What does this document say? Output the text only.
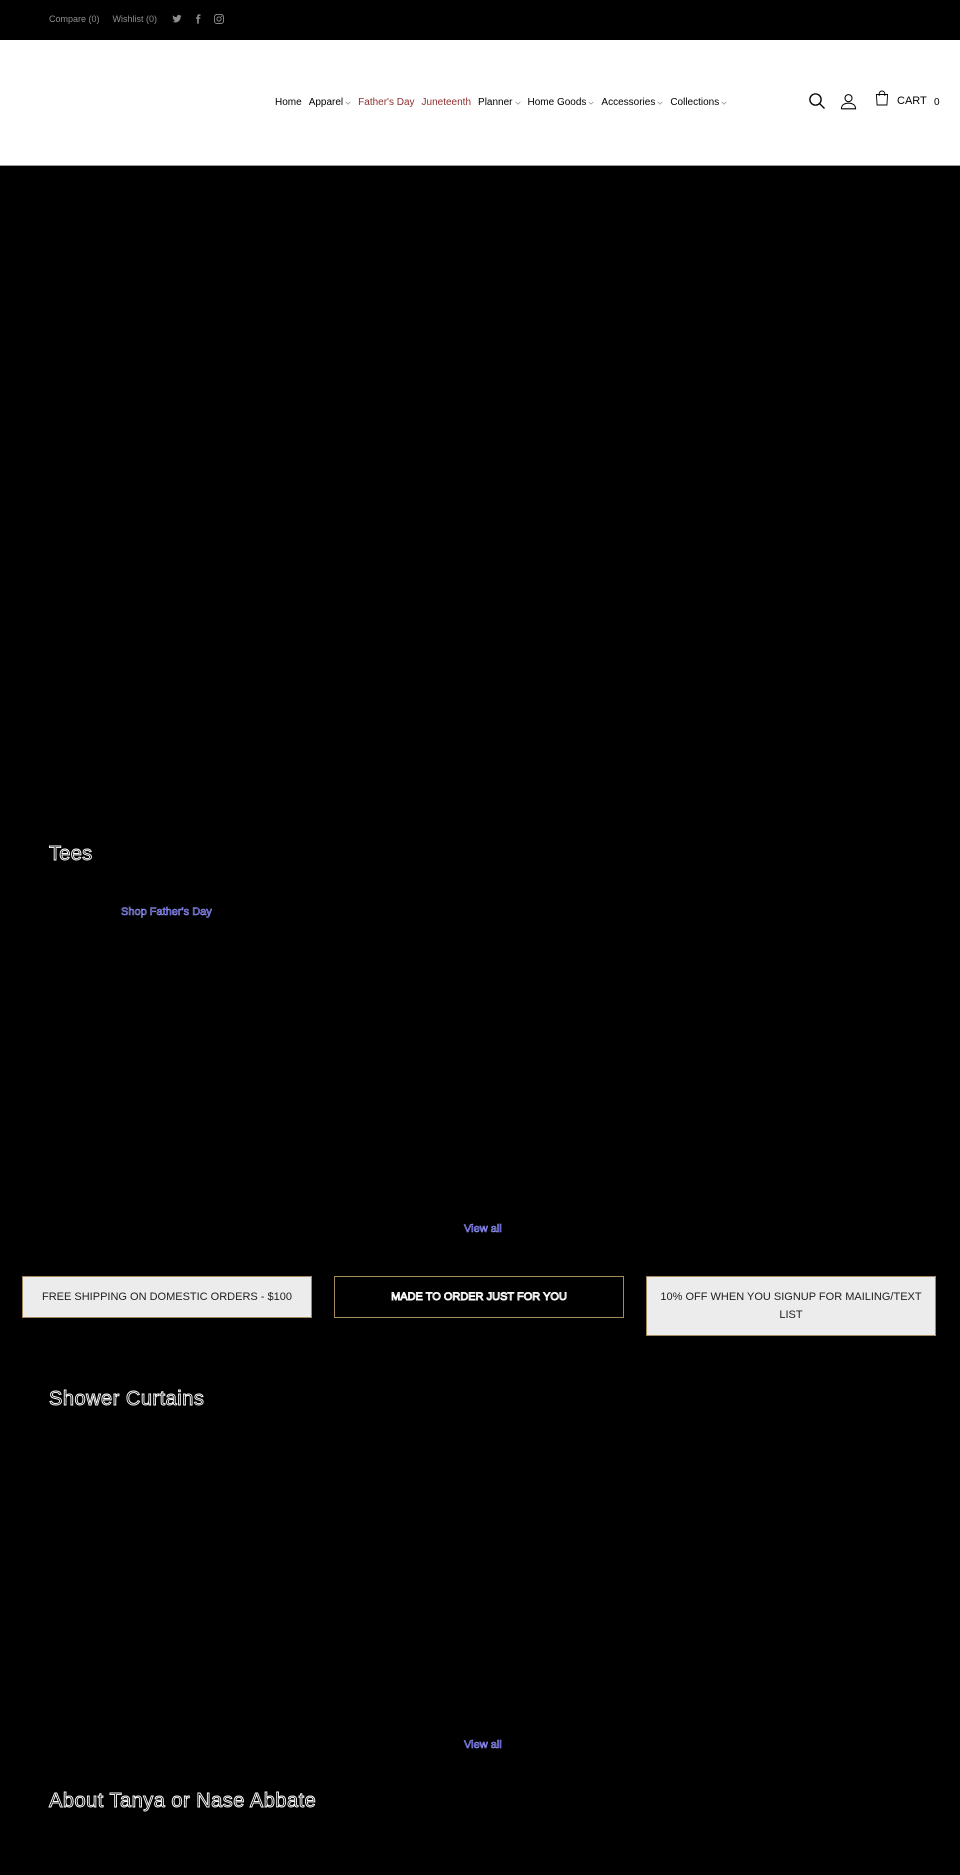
Compare (0) Wishlist (0)
Home Apparel Father's Day Juneteenth Planner Home Goods Accessories Collections	CART 0
Tees
Shop Father's Day
View all
FREE SHIPPING ON DOMESTIC ORDERS - $100	MADE TO ORDER JUST FOR YOU	10% OFF WHEN YOU SIGNUP FOR MAILING/TEXT LIST
Shower Curtains
View all
About Tanya or Nase Abbate
